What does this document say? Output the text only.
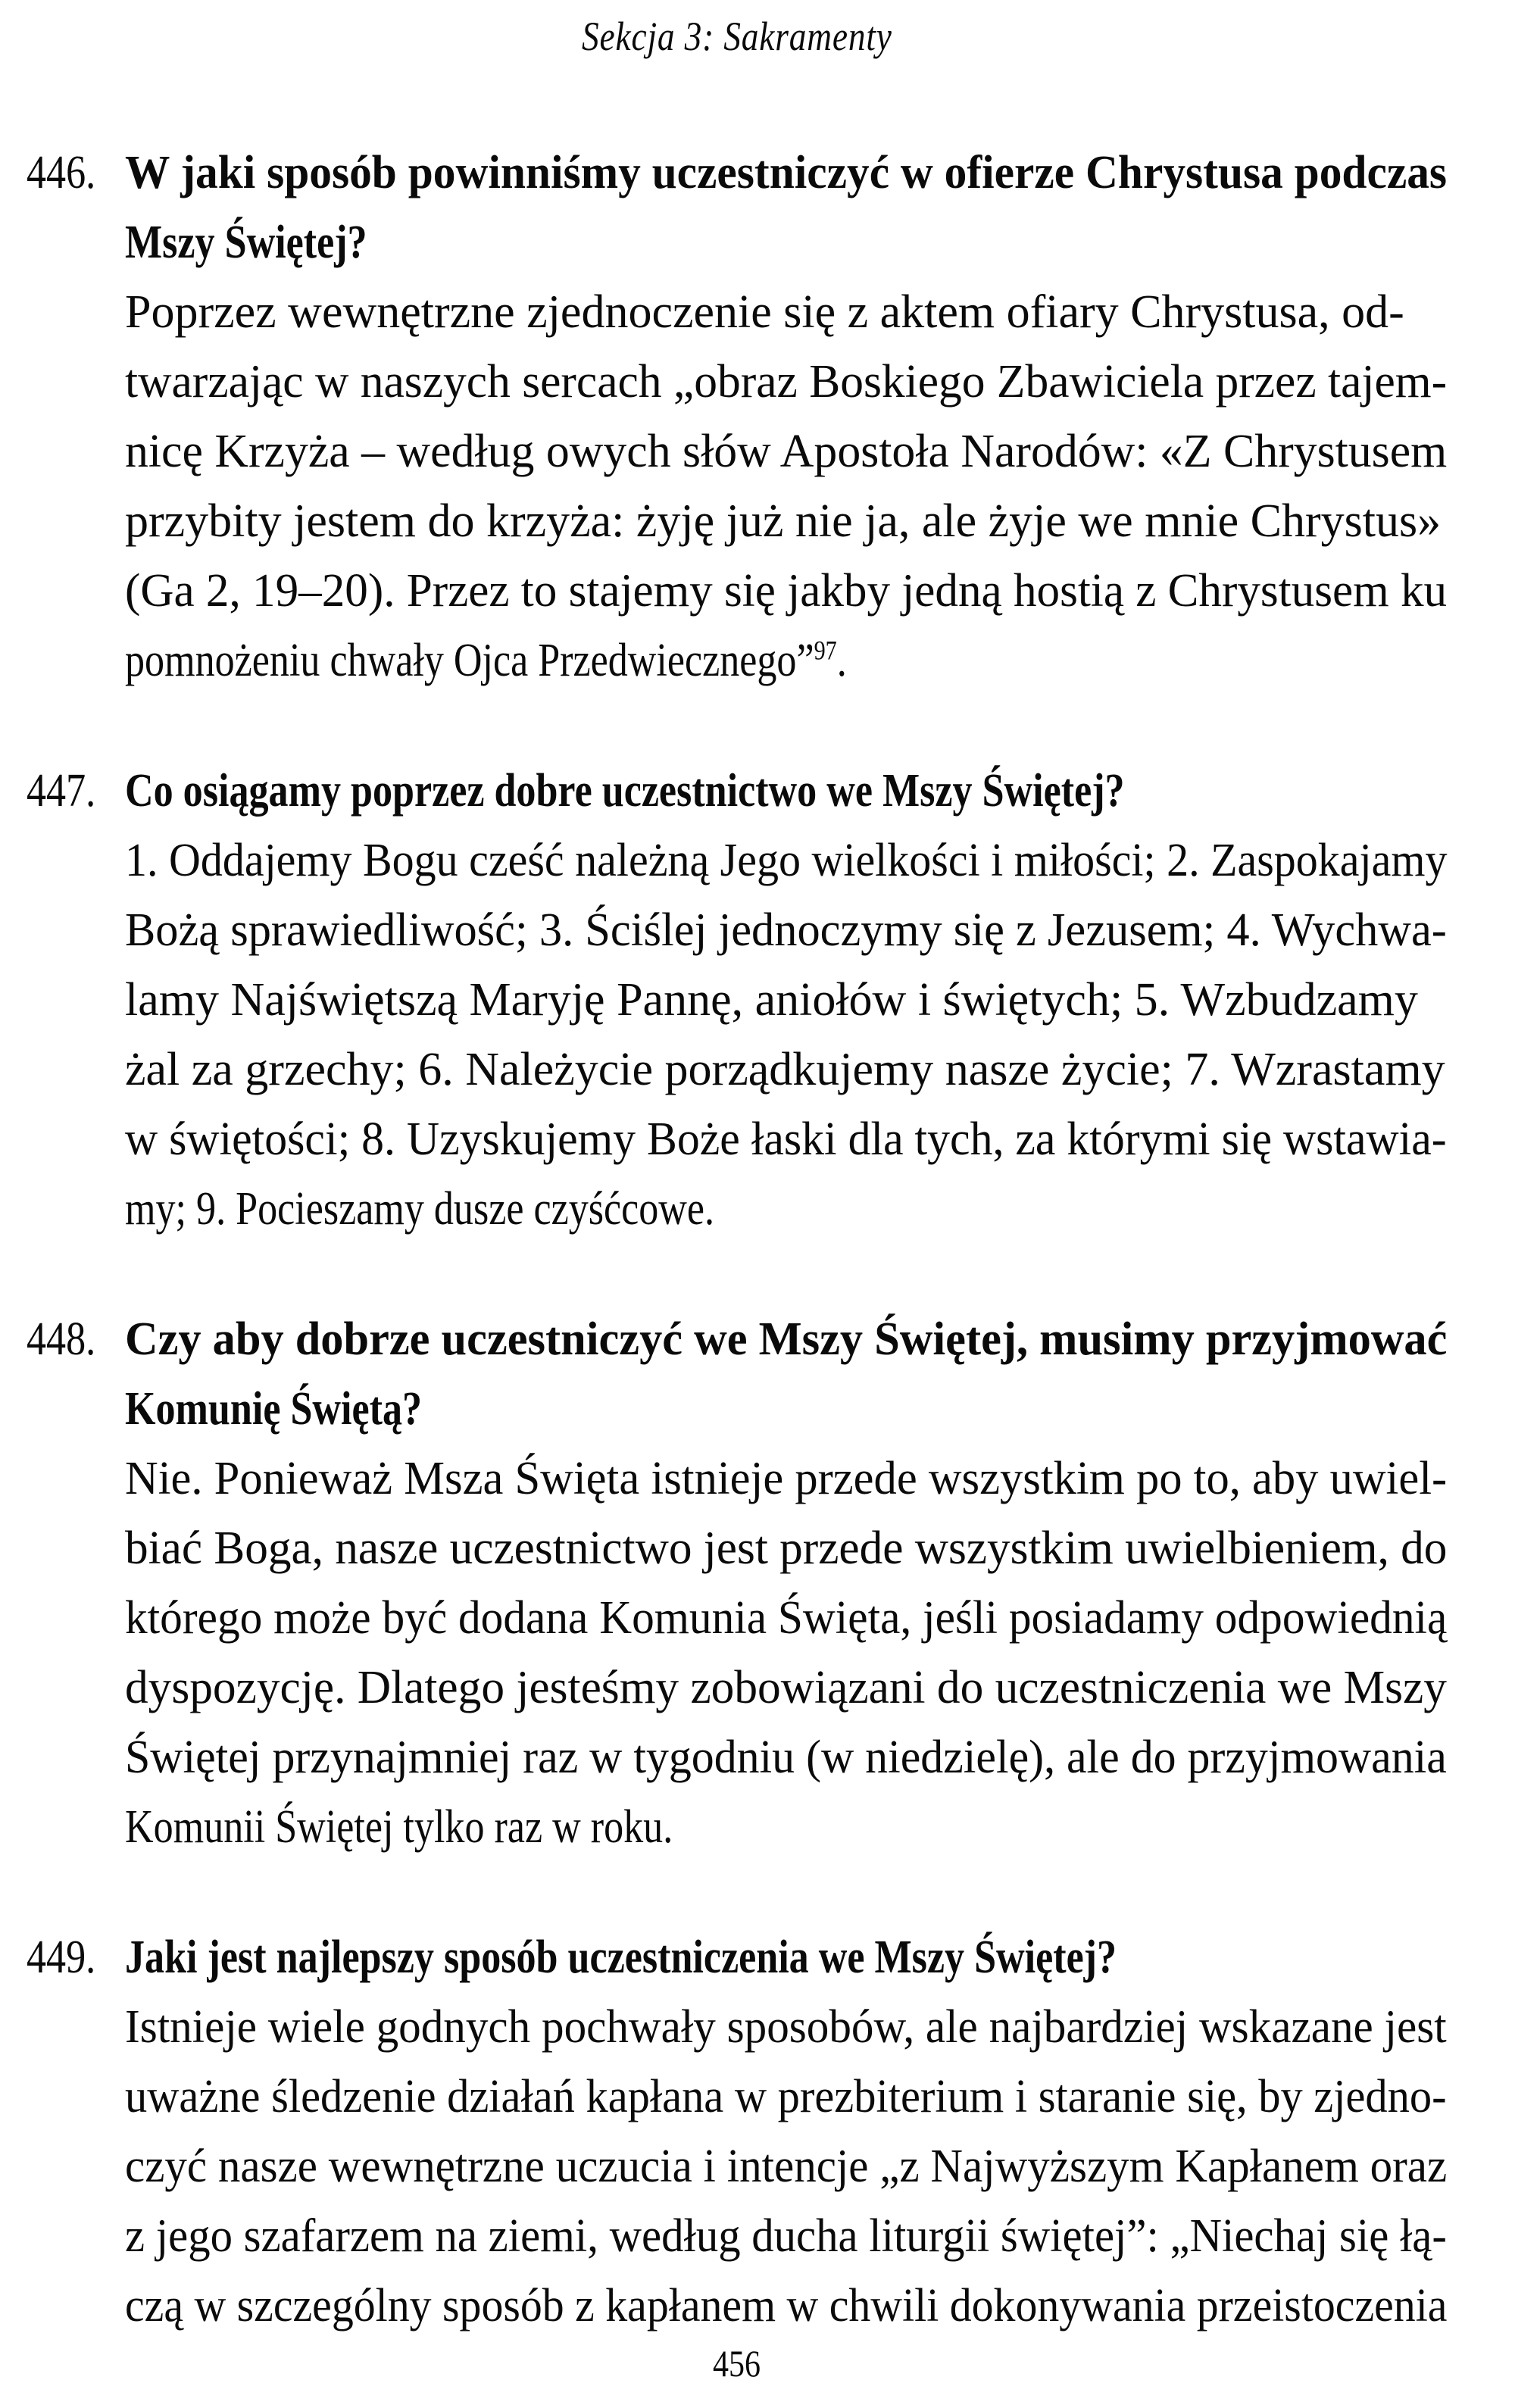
Sekcja 3: Sakramenty
446. W jaki sposób powinniśmy uczestniczyć w ofierze Chrystusa podczas
Mszy Świętej?
Poprzez wewnętrzne zjednoczenie się z aktem ofiary Chrystusa, od-
twarzając w naszych sercach „obraz Boskiego Zbawiciela przez tajem-
nicę Krzyża – według owych słów Apostoła Narodów: «Z Chrystusem
przybity jestem do krzyża: żyję już nie ja, ale żyje we mnie Chrystus»
(Ga 2, 19–20). Przez to stajemy się jakby jedną hostią z Chrystusem ku
pomnożeniu chwały Ojca Przedwiecznego”$^{97}$.
447. Co osiągamy poprzez dobre uczestnictwo we Mszy Świętej?
1. Oddajemy Bogu cześć należną Jego wielkości i miłości; 2. Zaspokajamy
Bożą sprawiedliwość; 3. Ściślej jednoczymy się z Jezusem; 4. Wychwa-
lamy Najświętszą Maryję Pannę, aniołów i świętych; 5. Wzbudzamy
żal za grzechy; 6. Należycie porządkujemy nasze życie; 7. Wzrastamy
w świętości; 8. Uzyskujemy Boże łaski dla tych, za którymi się wstawia-
my; 9. Pocieszamy dusze czyśćcowe.
448. Czy aby dobrze uczestniczyć we Mszy Świętej, musimy przyjmować
Komunię Świętą?
Nie. Ponieważ Msza Święta istnieje przede wszystkim po to, aby uwiel-
biać Boga, nasze uczestnictwo jest przede wszystkim uwielbieniem, do
którego może być dodana Komunia Święta, jeśli posiadamy odpowiednią
dyspozycję. Dlatego jesteśmy zobowiązani do uczestniczenia we Mszy
Świętej przynajmniej raz w tygodniu (w niedzielę), ale do przyjmowania
Komunii Świętej tylko raz w roku.
449. Jaki jest najlepszy sposób uczestniczenia we Mszy Świętej?
Istnieje wiele godnych pochwały sposobów, ale najbardziej wskazane jest
uważne śledzenie działań kapłana w prezbiterium i staranie się, by zjedno-
czyć nasze wewnętrzne uczucia i intencje „z Najwyższym Kapłanem oraz
z jego szafarzem na ziemi, według ducha liturgii świętej”: „Niechaj się łą-
czą w szczególny sposób z kapłanem w chwili dokonywania przeistoczenia
456
